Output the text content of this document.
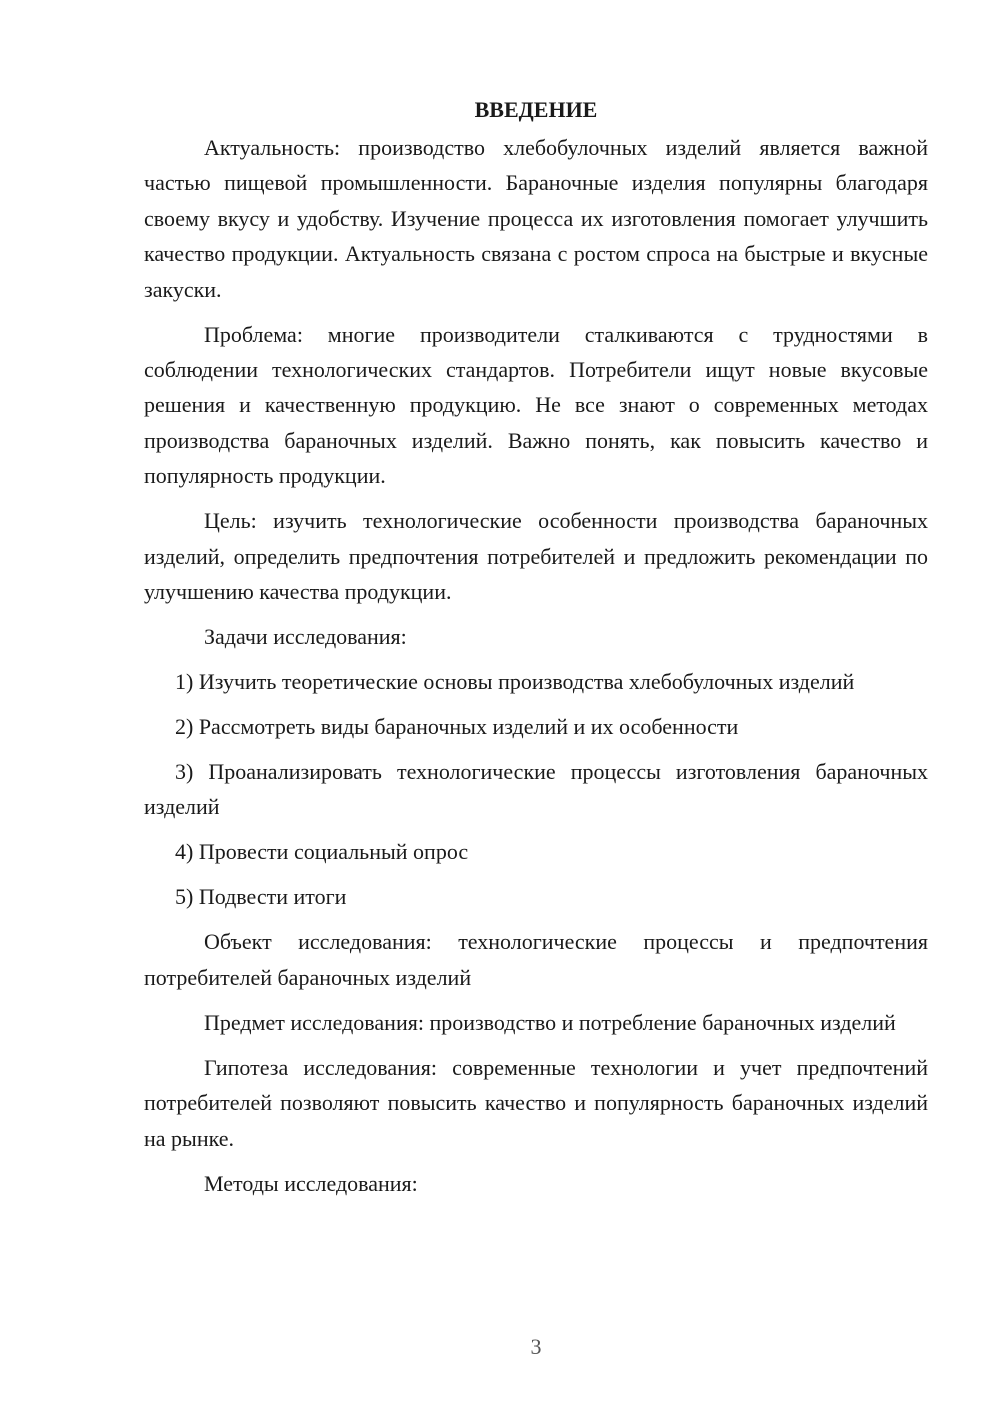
ВВЕДЕНИЕ

Актуальность: производство хлебобулочных изделий является важной частью пищевой промышленности. Бараночные изделия популярны благодаря своему вкусу и удобству. Изучение процесса их изготовления помогает улучшить качество продукции. Актуальность связана с ростом спроса на быстрые и вкусные закуски.

Проблема: многие производители сталкиваются с трудностями в соблюдении технологических стандартов. Потребители ищут новые вкусовые решения и качественную продукцию. Не все знают о современных методах производства бараночных изделий. Важно понять, как повысить качество и популярность продукции.

Цель: изучить технологические особенности производства бараночных изделий, определить предпочтения потребителей и предложить рекомендации по улучшению качества продукции.

Задачи исследования:

1) Изучить теоретические основы производства хлебобулочных изделий

2) Рассмотреть виды бараночных изделий и их особенности

3) Проанализировать технологические процессы изготовления бараночных изделий

4) Провести социальный опрос

5) Подвести итоги

Объект исследования: технологические процессы и предпочтения потребителей бараночных изделий

Предмет исследования: производство и потребление бараночных изделий

Гипотеза исследования: современные технологии и учет предпочтений потребителей позволяют повысить качество и популярность бараночных изделий на рынке.

Методы исследования:

3
